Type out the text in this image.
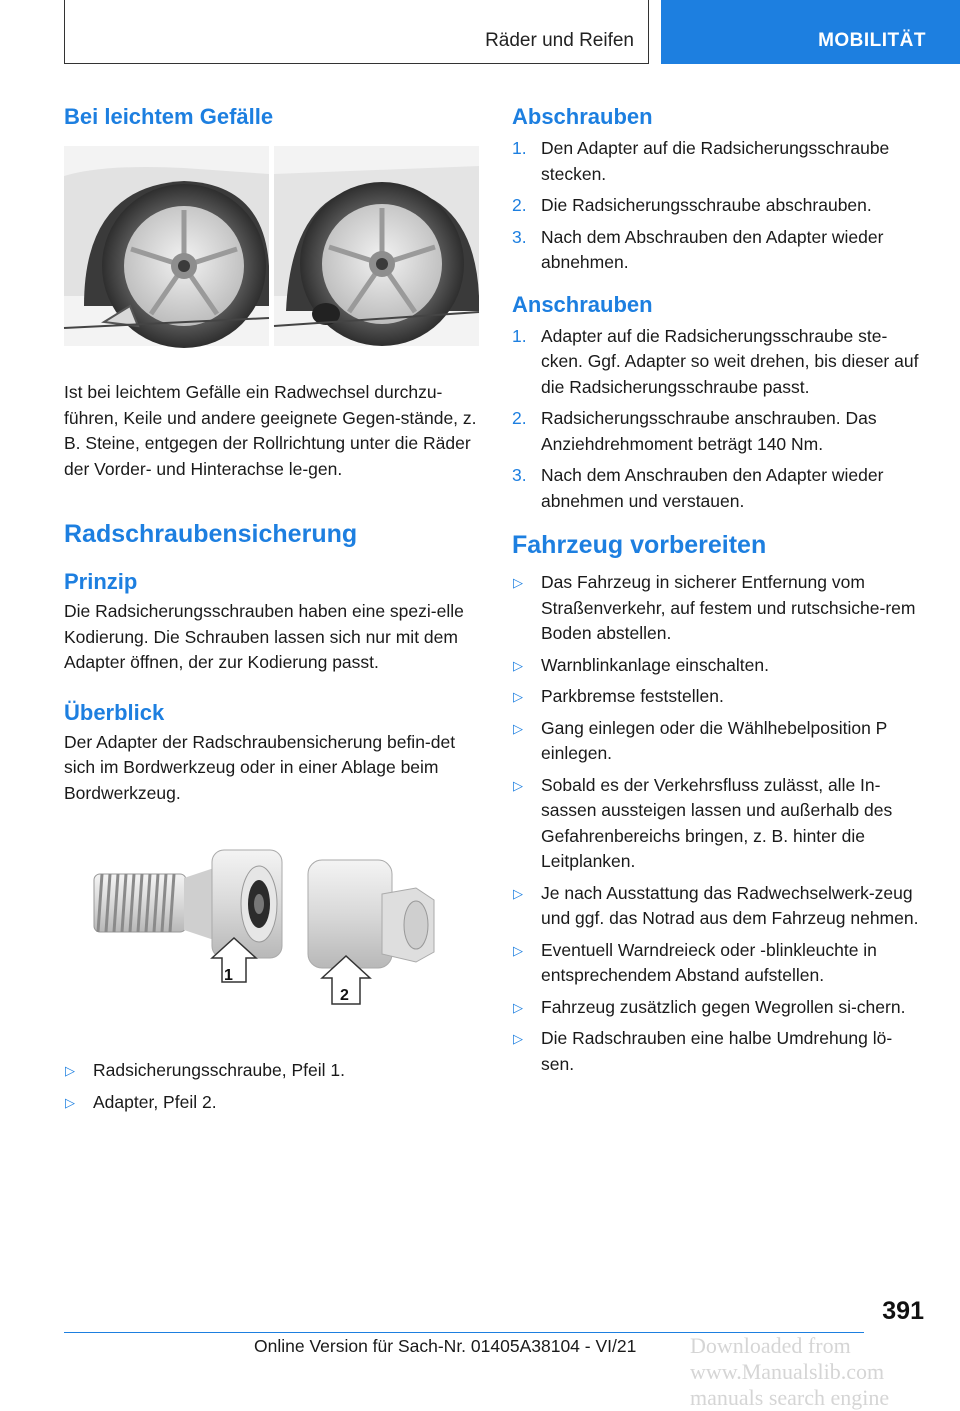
Räder und Reifen	MOBILITÄT
Bei leichtem Gefälle

Ist bei leichtem Gefälle ein Radwechsel durchzu-führen, Keile und andere geeignete Gegen-stände, z. B. Steine, entgegen der Rollrichtung unter die Räder der Vorder- und Hinterachse le-gen.

Radschraubensicherung
Prinzip

Die Radsicherungsschrauben haben eine spezi-elle Kodierung. Die Schrauben lassen sich nur mit dem Adapter öffnen, der zur Kodierung passt.

Überblick

Der Adapter der Radschraubensicherung befin-det sich im Bordwerkzeug oder in einer Ablage beim Bordwerkzeug.

1
2
▷ Radsicherungsschraube, Pfeil 1.
▷ Adapter, Pfeil 2.
Abschrauben
1. Den Adapter auf die Radsicherungsschraube stecken.
2. Die Radsicherungsschraube abschrauben.
3. Nach dem Abschrauben den Adapter wieder abnehmen.
Anschrauben
1. Adapter auf die Radsicherungsschraube ste-cken. Ggf. Adapter so weit drehen, bis dieser auf die Radsicherungsschraube passt.
2. Radsicherungsschraube anschrauben. Das Anziehdrehmoment beträgt 140 Nm.
3. Nach dem Anschrauben den Adapter wieder abnehmen und verstauen.
Fahrzeug vorbereiten
▷ Das Fahrzeug in sicherer Entfernung vom Straßenverkehr, auf festem und rutschsiche-rem Boden abstellen.
▷ Warnblinkanlage einschalten.
▷ Parkbremse feststellen.
▷ Gang einlegen oder die Wählhebelposition P einlegen.
▷ Sobald es der Verkehrsfluss zulässt, alle In-sassen aussteigen lassen und außerhalb des Gefahrenbereichs bringen, z. B. hinter die Leitplanken.
▷ Je nach Ausstattung das Radwechselwerk-zeug und ggf. das Notrad aus dem Fahrzeug nehmen.
▷ Eventuell Warndreieck oder -blinkleuchte in entsprechendem Abstand aufstellen.
▷ Fahrzeug zusätzlich gegen Wegrollen si-chern.
▷ Die Radschrauben eine halbe Umdrehung lö-sen.
391
Online Version für Sach-Nr. 01405A38104 - VI/21 Downloaded from www.Manualslib.com manuals search engine
